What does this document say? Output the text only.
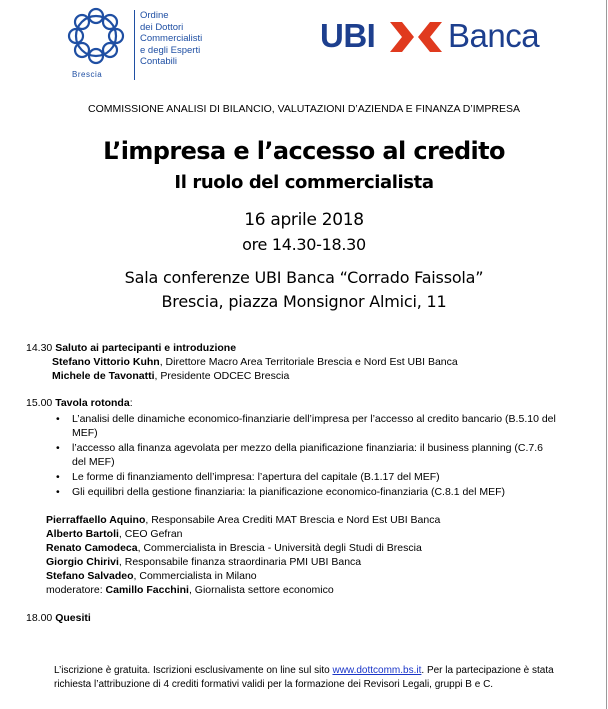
Brescia
Ordine
dei Dottori
Commercialisti
e degli Esperti
Contabili
UBI Banca
COMMISSIONE ANALISI DI BILANCIO, VALUTAZIONI D’AZIENDA E FINANZA D’IMPRESA
L’impresa e l’accesso al credito
Il ruolo del commercialista
16 aprile 2018
ore 14.30-18.30
Sala conferenze UBI Banca “Corrado Faissola”
Brescia, piazza Monsignor Almici, 11
14.30 Saluto ai partecipanti e introduzione
Stefano Vittorio Kuhn, Direttore Macro Area Territoriale Brescia e Nord Est UBI Banca
Michele de Tavonatti, Presidente ODCEC Brescia
15.00 Tavola rotonda:
• L’analisi delle dinamiche economico-finanziarie dell’impresa per l’accesso al credito bancario (B.5.10 del MEF)
• l’accesso alla finanza agevolata per mezzo della pianificazione finanziaria: il business planning (C.7.6 del MEF)
• Le forme di finanziamento dell’impresa: l’apertura del capitale (B.1.17 del MEF)
• Gli equilibri della gestione finanziaria: la pianificazione economico-finanziaria (C.8.1 del MEF)
Pierraffaello Aquino, Responsabile Area Crediti MAT Brescia e Nord Est UBI Banca
Alberto Bartoli, CEO Gefran
Renato Camodeca, Commercialista in Brescia - Università degli Studi di Brescia
Giorgio Chirivi, Responsabile finanza straordinaria PMI UBI Banca
Stefano Salvadeo, Commercialista in Milano
moderatore: Camillo Facchini, Giornalista settore economico
18.00 Quesiti
L’iscrizione è gratuita. Iscrizioni esclusivamente on line sul sito www.dottcomm.bs.it. Per la partecipazione è stata
richiesta l’attribuzione di 4 crediti formativi validi per la formazione dei Revisori Legali, gruppi B e C.
